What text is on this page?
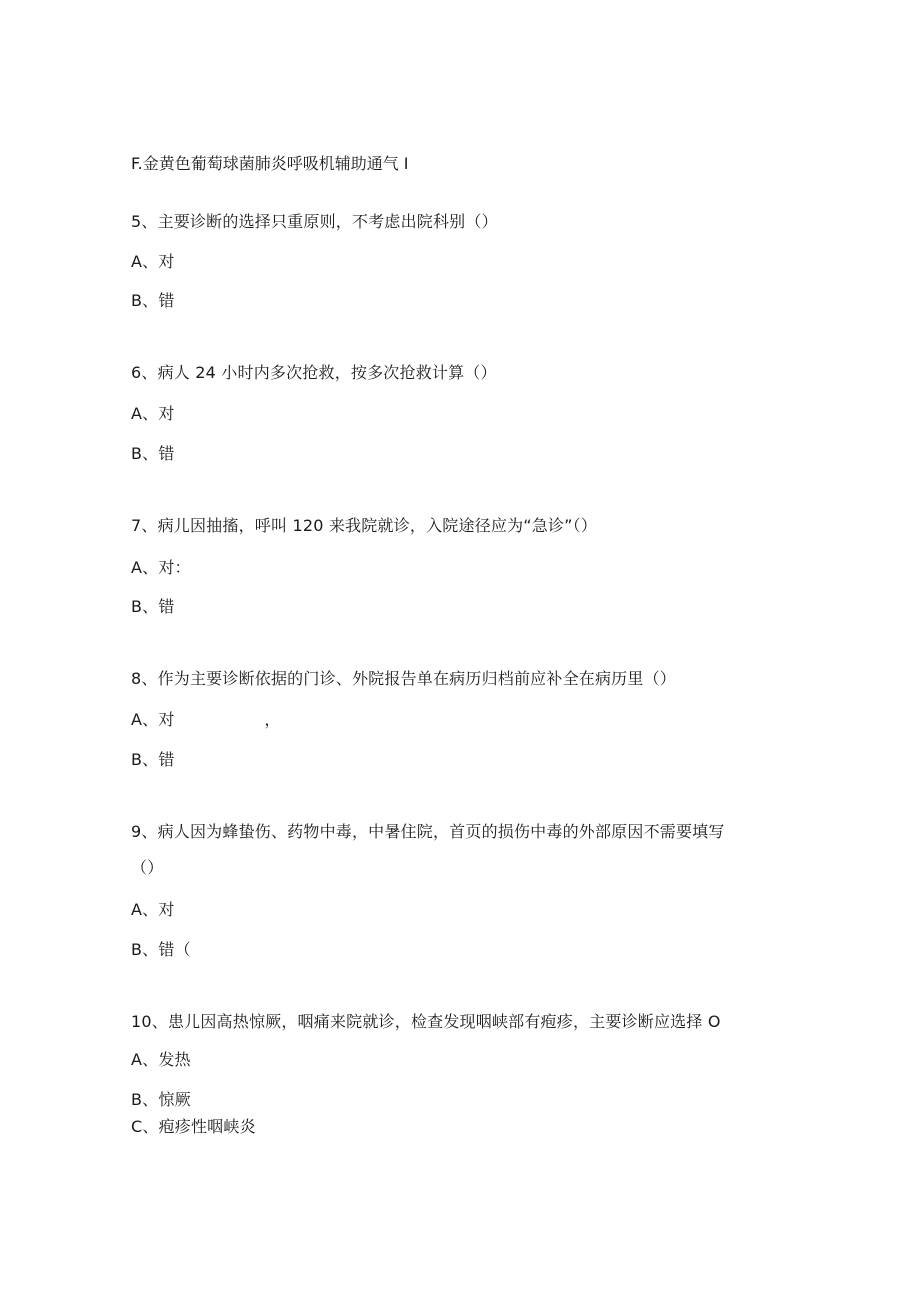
F.金黄色葡萄球菌肺炎呼吸机辅助通气 I
5、主要诊断的选择只重原则，不考虑出院科别（）
A、对
B、错
6、病人 24 小时内多次抢救，按多次抢救计算（）
A、对
B、错
7、病儿因抽搐，呼叫 120 来我院就诊，入院途径应为“急诊”（）
A、对：
B、错
8、作为主要诊断依据的门诊、外院报告单在病历归档前应补全在病历里（）
A、对                 ，
B、错
9、病人因为蜂蛰伤、药物中毒，中暑住院，首页的损伤中毒的外部原因不需要填写
（）
A、对
B、错（
10、患儿因高热惊厥，咽痛来院就诊，检查发现咽峡部有疱疹，主要诊断应选择 O
A、发热
B、惊厥
C、疱疹性咽峡炎
